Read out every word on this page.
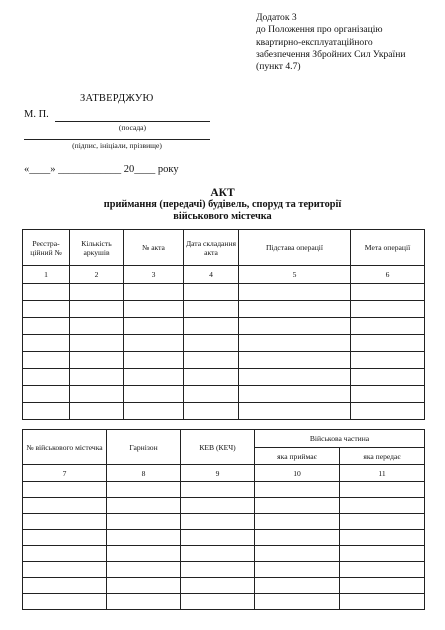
Додаток 3
до Положення про організацію
квартирно-експлуатаційного
забезпечення Збройних Сил України
(пункт 4.7)
ЗАТВЕРДЖУЮ
М. П.
(посада)
(підпис, ініціали, прізвище)
«____» ____________ 20____ року
АКТ
приймання (передачі) будівель, споруд та території
військового містечка
Реєстра-ційний №	Кількість аркушів	№ акта	Дата складання акта	Підстава операції	Мета операції
1	2	3	4	5	6

№ військового містечка	Гарнізон	КЕВ (КЕЧ)	Військова частина	
			яка приймає	яка передає
7	8	9	10	11
